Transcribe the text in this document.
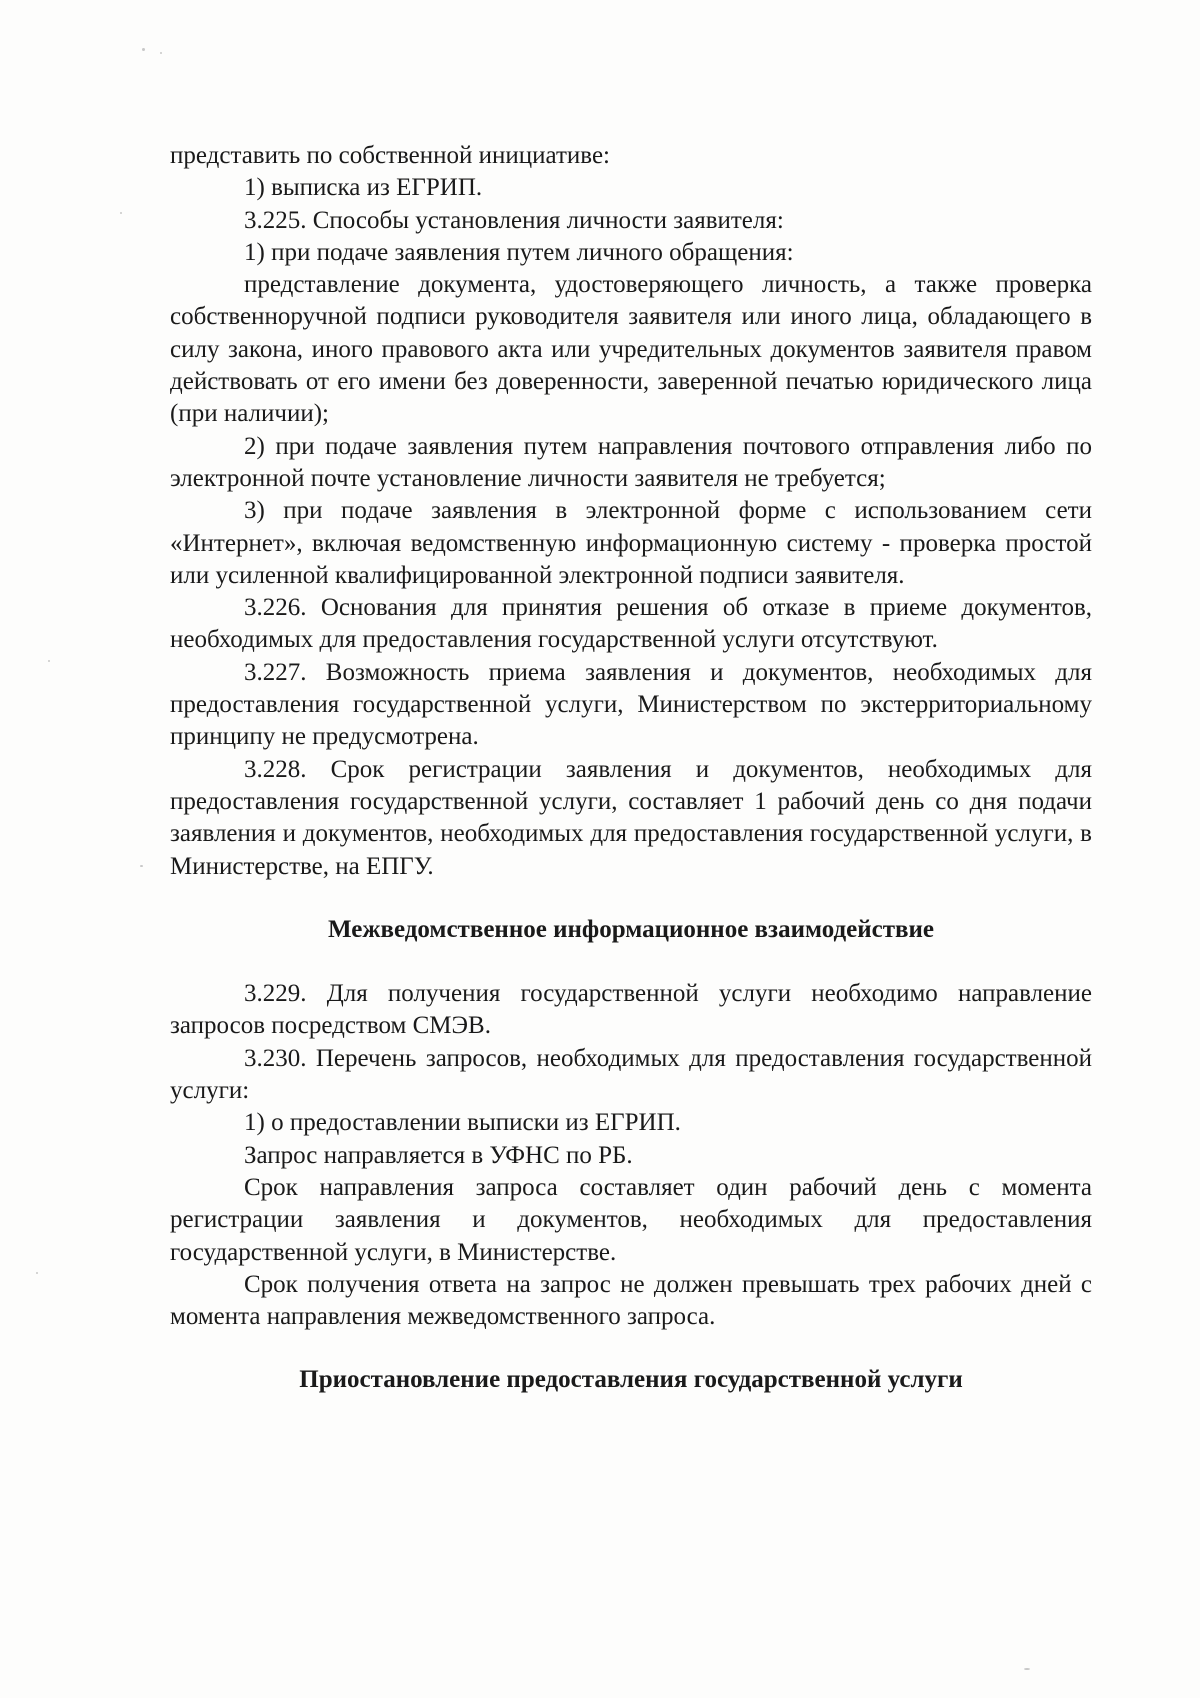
представить по собственной инициативе:

1) выписка из ЕГРИП.

3.225. Способы установления личности заявителя:

1) при подаче заявления путем личного обращения:

представление документа, удостоверяющего личность, а также проверка собственноручной подписи руководителя заявителя или иного лица, обладающего в силу закона, иного правового акта или учредительных документов заявителя правом действовать от его имени без доверенности, заверенной печатью юридического лица (при наличии);

2) при подаче заявления путем направления почтового отправления либо по электронной почте установление личности заявителя не требуется;

3) при подаче заявления в электронной форме с использованием сети «Интернет», включая ведомственную информационную систему - проверка простой или усиленной квалифицированной электронной подписи заявителя.

3.226. Основания для принятия решения об отказе в приеме документов, необходимых для предоставления государственной услуги отсутствуют.

3.227. Возможность приема заявления и документов, необходимых для предоставления государственной услуги, Министерством по экстерриториальному принципу не предусмотрена.

3.228. Срок регистрации заявления и документов, необходимых для предоставления государственной услуги, составляет 1 рабочий день со дня подачи заявления и документов, необходимых для предоставления государственной услуги, в Министерстве, на ЕПГУ.

Межведомственное информационное взаимодействие

3.229. Для получения государственной услуги необходимо направление запросов посредством СМЭВ.

3.230. Перечень запросов, необходимых для предоставления государственной услуги:

1) о предоставлении выписки из ЕГРИП.

Запрос направляется в УФНС по РБ.

Срок направления запроса составляет один рабочий день с момента регистрации заявления и документов, необходимых для предоставления государственной услуги, в Министерстве.

Срок получения ответа на запрос не должен превышать трех рабочих дней с момента направления межведомственного запроса.

Приостановление предоставления государственной услуги
